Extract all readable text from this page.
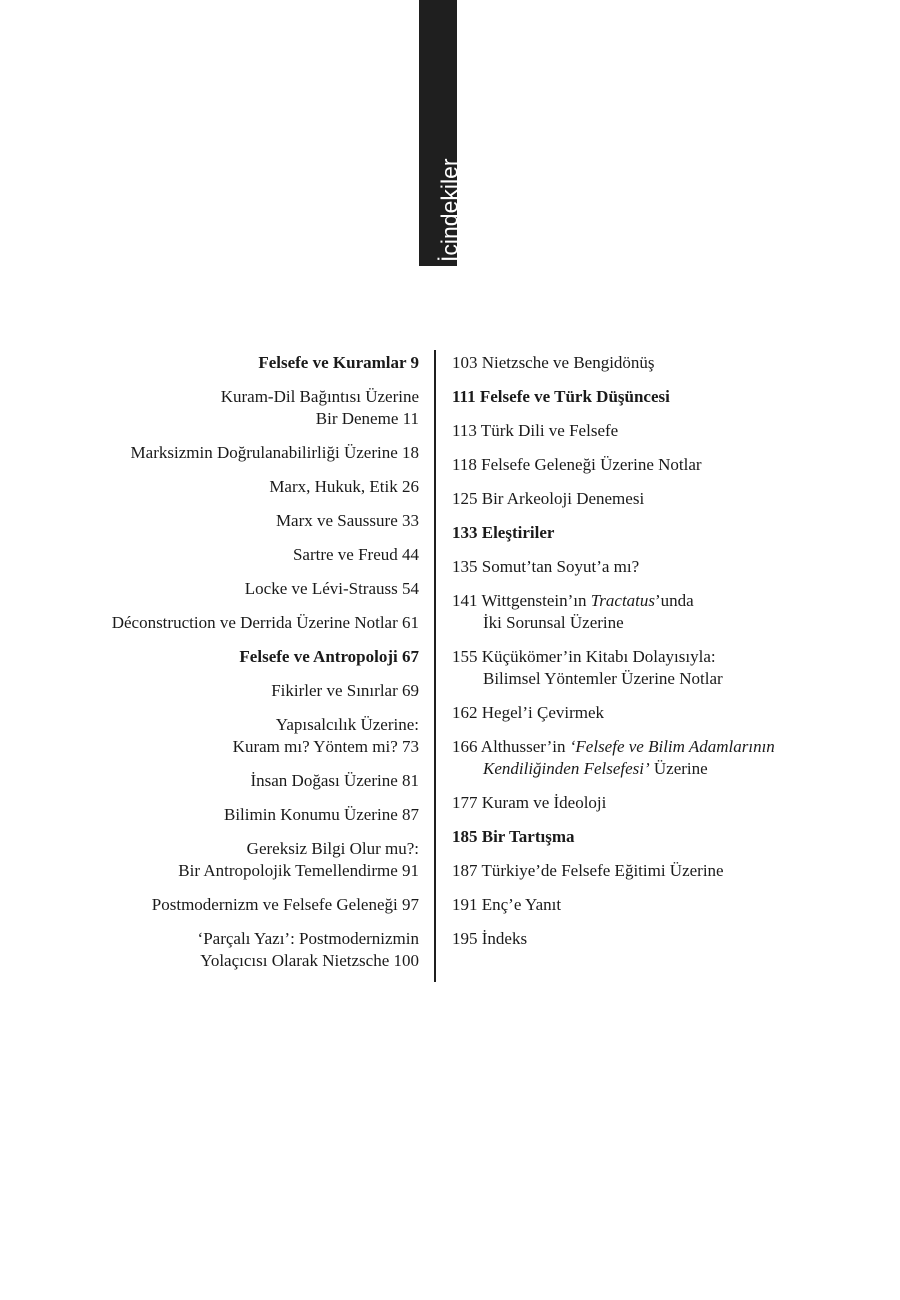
İçindekiler
Felsefe ve Kuramlar 9
Kuram-Dil Bağıntısı Üzerine
Bir Deneme 11
Marksizmin Doğrulanabilirliği Üzerine 18
Marx, Hukuk, Etik 26
Marx ve Saussure 33
Sartre ve Freud 44
Locke ve Lévi-Strauss 54
Déconstruction ve Derrida Üzerine Notlar 61
Felsefe ve Antropoloji 67
Fikirler ve Sınırlar 69
Yapısalcılık Üzerine:
Kuram mı? Yöntem mi? 73
İnsan Doğası Üzerine 81
Bilimin Konumu Üzerine 87
Gereksiz Bilgi Olur mu?:
Bir Antropolojik Temellendirme 91
Postmodernizm ve Felsefe Geleneği 97
‘Parçalı Yazı’: Postmodernizmin
Yolaçıcısı Olarak Nietzsche 100
103 Nietzsche ve Bengidönüş
111 Felsefe ve Türk Düşüncesi
113 Türk Dili ve Felsefe
118 Felsefe Geleneği Üzerine Notlar
125 Bir Arkeoloji Denemesi
133 Eleştiriler
135 Somut’tan Soyut’a mı?
141 Wittgenstein’ın Tractatus’unda
İki Sorunsal Üzerine
155 Küçükömer’in Kitabı Dolayısıyla:
Bilimsel Yöntemler Üzerine Notlar
162 Hegel’i Çevirmek
166 Althusser’in ‘Felsefe ve Bilim Adamlarının
Kendiliğinden Felsefesi’ Üzerine
177 Kuram ve İdeoloji
185 Bir Tartışma
187 Türkiye’de Felsefe Eğitimi Üzerine
191 Enç’e Yanıt
195 İndeks
